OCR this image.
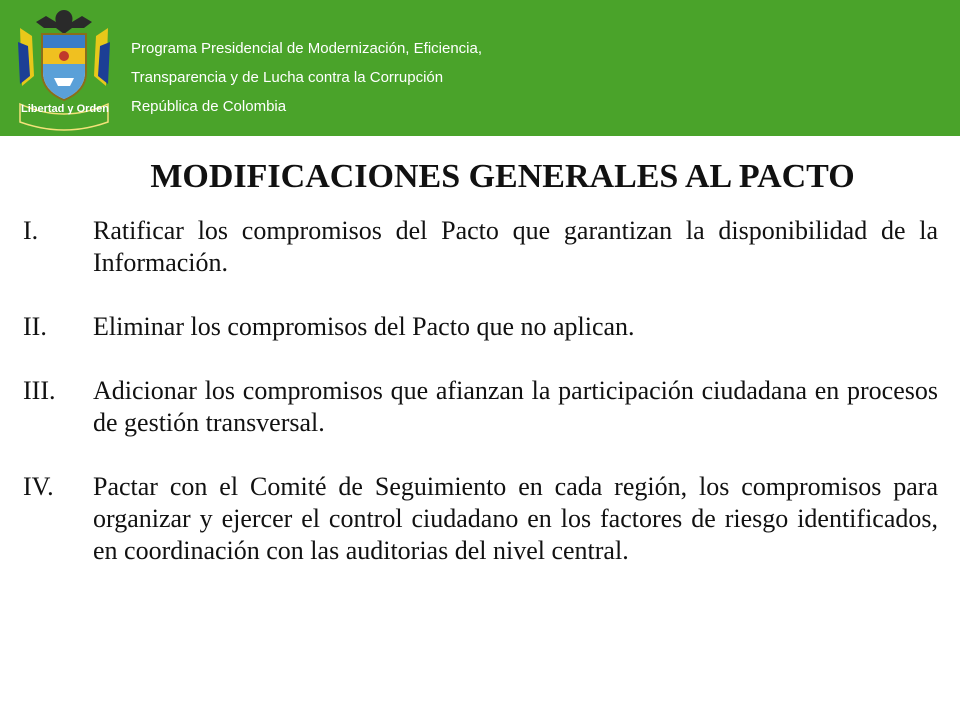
Libertad y Orden
Programa Presidencial de Modernización, Eficiencia,
Transparencia y de Lucha contra la Corrupción
República de Colombia
MODIFICACIONES GENERALES AL PACTO
I. Ratificar los compromisos del Pacto que garantizan la disponibilidad de la Información.
II. Eliminar los compromisos del Pacto que no aplican.
III. Adicionar los compromisos que afianzan la participación ciudadana en procesos de gestión transversal.
IV. Pactar con el Comité de Seguimiento en cada región, los compromisos para organizar y ejercer el control ciudadano en los factores de riesgo identificados, en coordinación con las auditorias del nivel central.
